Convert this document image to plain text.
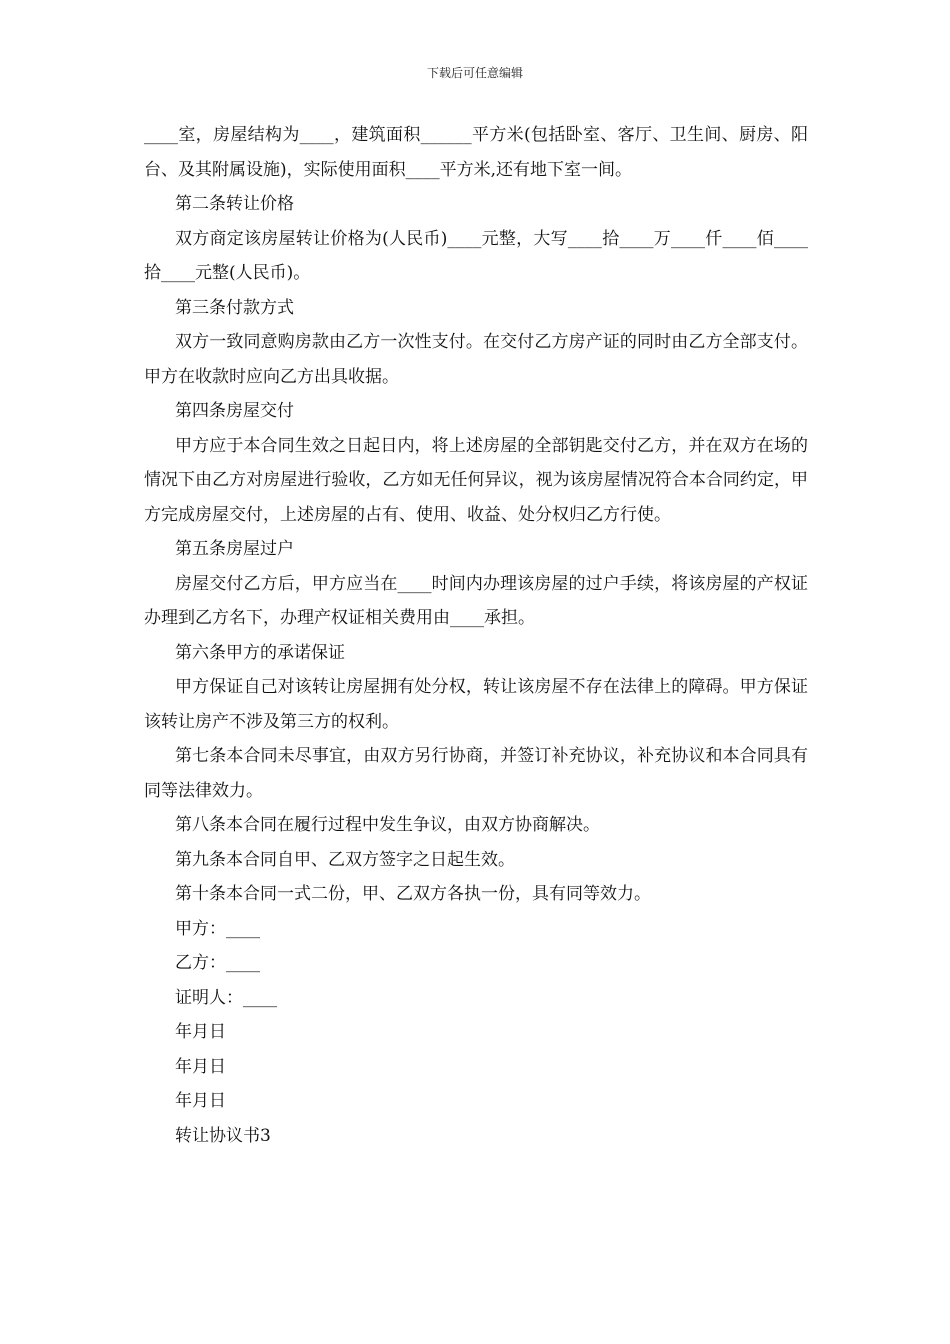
下载后可任意编辑

____室，房屋结构为____，建筑面积______平方米(包括卧室、客厅、卫生间、厨房、阳台、及其附属设施)，实际使用面积____平方米,还有地下室一间。

第二条转让价格

双方商定该房屋转让价格为(人民币)____元整，大写____拾____万____仟____佰____拾____元整(人民币)。

第三条付款方式

双方一致同意购房款由乙方一次性支付。在交付乙方房产证的同时由乙方全部支付。甲方在收款时应向乙方出具收据。

第四条房屋交付

甲方应于本合同生效之日起日内，将上述房屋的全部钥匙交付乙方，并在双方在场的情况下由乙方对房屋进行验收，乙方如无任何异议，视为该房屋情况符合本合同约定，甲方完成房屋交付，上述房屋的占有、使用、收益、处分权归乙方行使。

第五条房屋过户

房屋交付乙方后，甲方应当在____时间内办理该房屋的过户手续，将该房屋的产权证办理到乙方名下，办理产权证相关费用由____承担。

第六条甲方的承诺保证

甲方保证自己对该转让房屋拥有处分权，转让该房屋不存在法律上的障碍。甲方保证该转让房产不涉及第三方的权利。

第七条本合同未尽事宜，由双方另行协商，并签订补充协议，补充协议和本合同具有同等法律效力。

第八条本合同在履行过程中发生争议，由双方协商解决。

第九条本合同自甲、乙双方签字之日起生效。

第十条本合同一式二份，甲、乙双方各执一份，具有同等效力。

甲方：____

乙方：____

证明人：____

年月日

年月日

年月日

转让协议书3
